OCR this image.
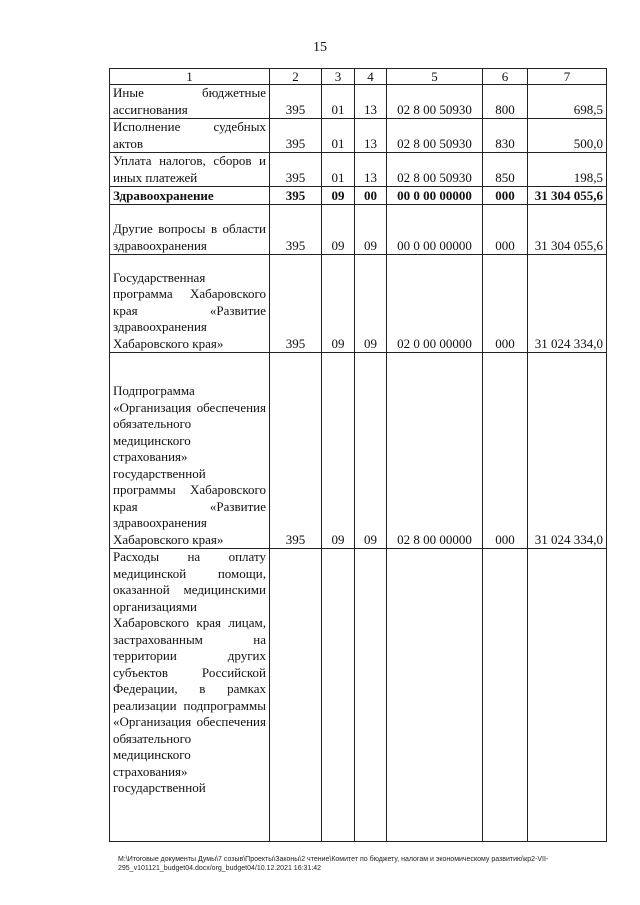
15
1	2	3	4	5	6	7
Иные бюджетные ассигнования	395	01	13	02 8 00 50930	800	698,5
Исполнение судебных актов	395	01	13	02 8 00 50930	830	500,0
Уплата налогов, сборов и иных платежей	395	01	13	02 8 00 50930	850	198,5
Здравоохранение	395	09	00	00 0 00 00000	000	31 304 055,6
Другие вопросы в области здравоохранения	395	09	09	00 0 00 00000	000	31 304 055,6
Государственная программа Хабаровского края «Развитие здравоохранения Хабаровского края»	395	09	09	02 0 00 00000	000	31 024 334,0
Подпрограмма «Организация обеспечения обязательного медицинского страхования» государственной программы Хабаровского края «Развитие здравоохранения Хабаровского края»	395	09	09	02 8 00 00000	000	31 024 334,0
Расходы на оплату медицинской помощи, оказанной медицинскими организациями Хабаровского края лицам, застрахованным на территории других субъектов Российской Федерации, в рамках реализации подпрограммы «Организация обеспечения обязательного медицинского страхования» государственной						
M:\Итоговые документы Думы\7 созыв\Проекты\Законы\2 чтение\Комитет по бюджету, налогам и экономическому развитию\кр2-VII-295_v101121_budget04.docx/org_budget04/10.12.2021 16:31:42
